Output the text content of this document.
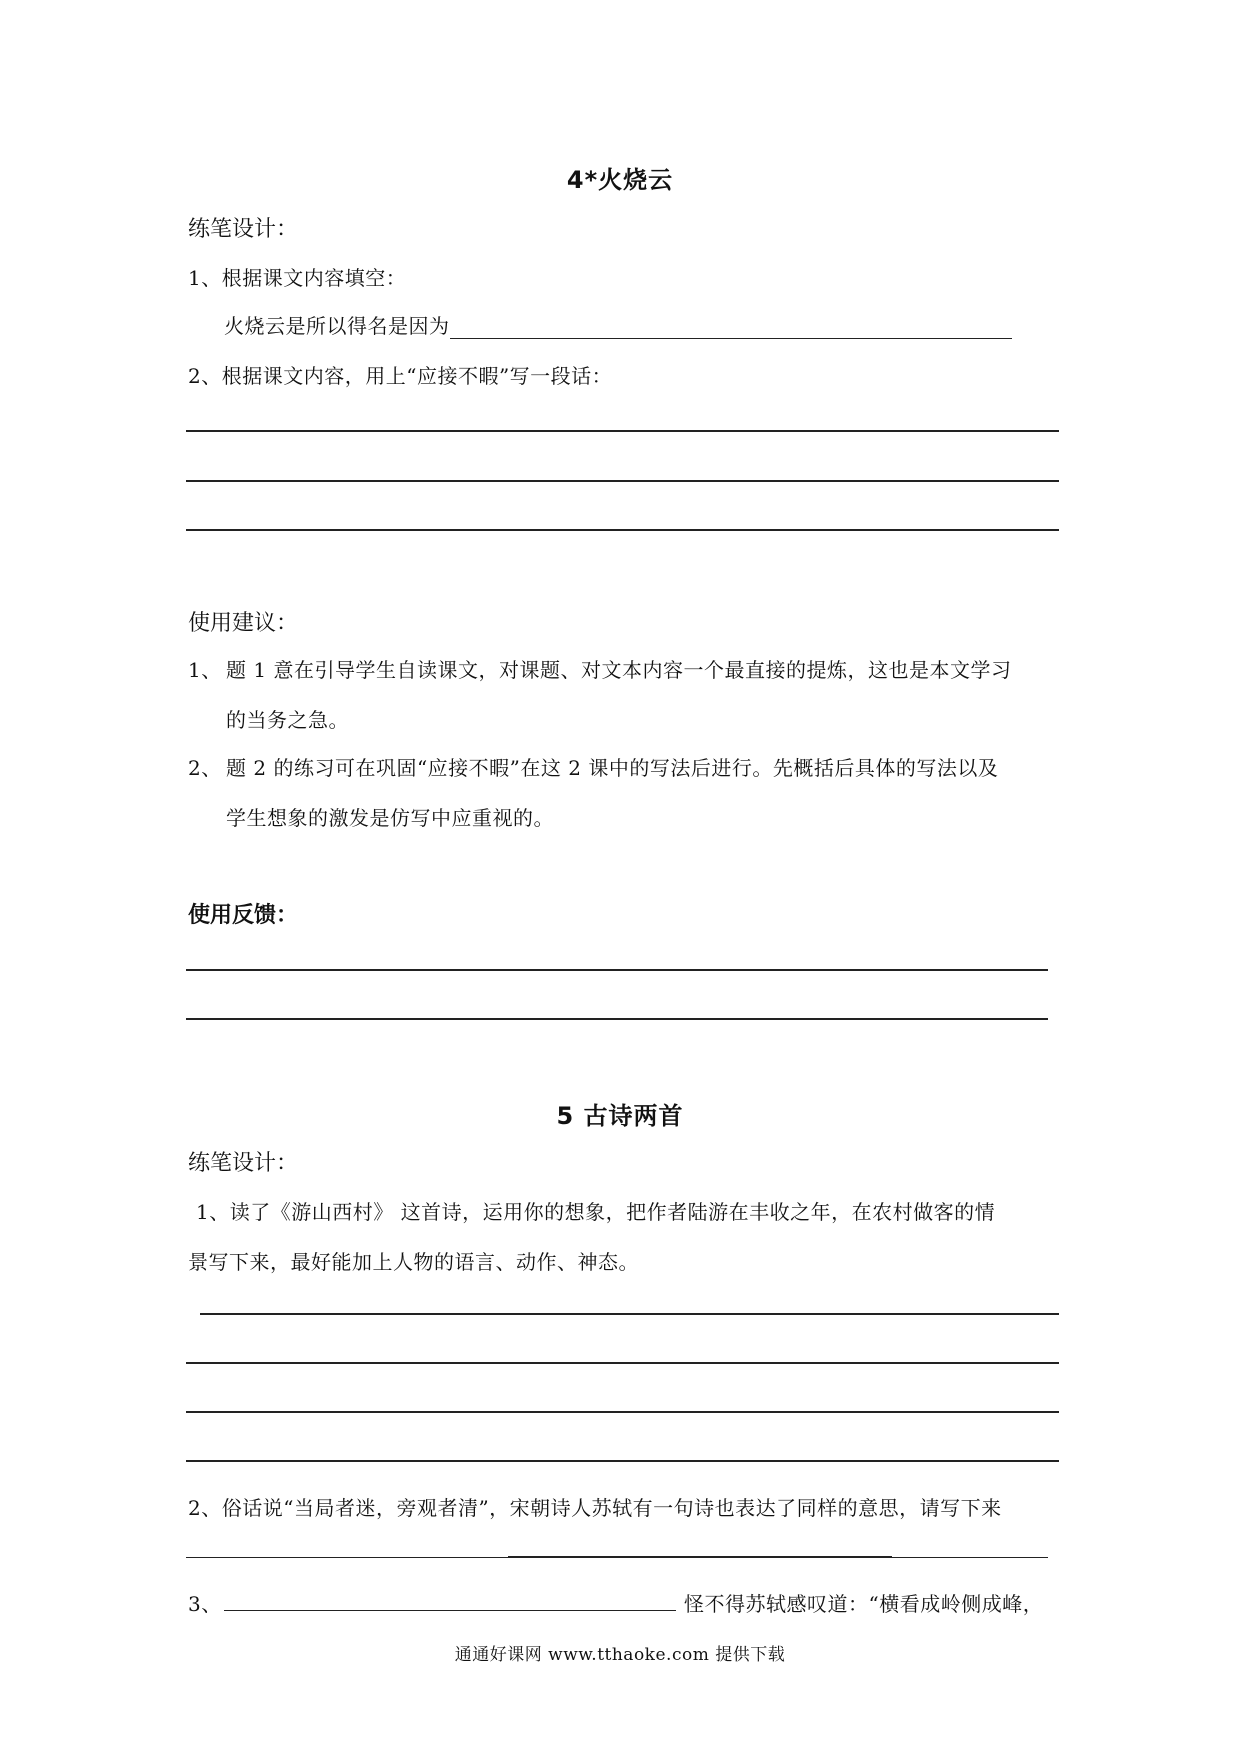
4*火烧云
练笔设计：
1、根据课文内容填空：
火烧云是所以得名是因为
2、根据课文内容，用上“应接不暇”写一段话：
使用建议：
1、 题 1 意在引导学生自读课文，对课题、对文本内容一个最直接的提炼，这也是本文学习
的当务之急。
2、 题 2 的练习可在巩固“应接不暇”在这 2 课中的写法后进行。先概括后具体的写法以及
学生想象的激发是仿写中应重视的。
使用反馈：
5 古诗两首
练笔设计：
1、读了《游山西村》 这首诗，运用你的想象，把作者陆游在丰收之年，在农村做客的情
景写下来，最好能加上人物的语言、动作、神态。
2、俗话说“当局者迷，旁观者清”，宋朝诗人苏轼有一句诗也表达了同样的意思，请写下来
3、	怪不得苏轼感叹道：“横看成岭侧成峰，
通通好课网 www.tthaoke.com 提供下载
